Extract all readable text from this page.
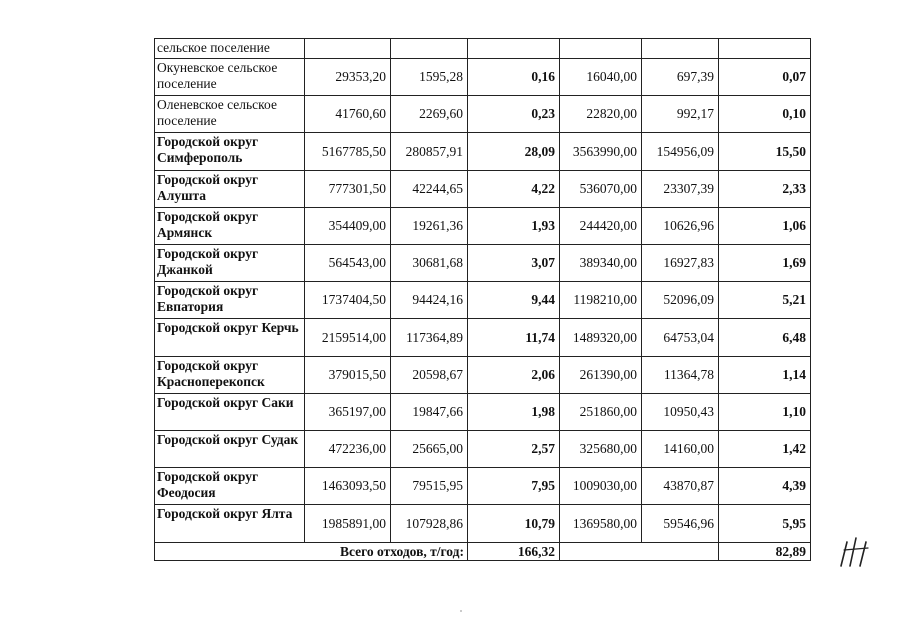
сельское поселение						
Окуневское сельское поселение	29353,20	1595,28	0,16	16040,00	697,39	0,07
Оленевское сельское поселение	41760,60	2269,60	0,23	22820,00	992,17	0,10
Городской округ Симферополь	5167785,50	280857,91	28,09	3563990,00	154956,09	15,50
Городской округ Алушта	777301,50	42244,65	4,22	536070,00	23307,39	2,33
Городской округ Армянск	354409,00	19261,36	1,93	244420,00	10626,96	1,06
Городской округ Джанкой	564543,00	30681,68	3,07	389340,00	16927,83	1,69
Городской округ Евпатория	1737404,50	94424,16	9,44	1198210,00	52096,09	5,21
Городской округ Керчь	2159514,00	117364,89	11,74	1489320,00	64753,04	6,48
Городской округ Красноперекопск	379015,50	20598,67	2,06	261390,00	11364,78	1,14
Городской округ Саки	365197,00	19847,66	1,98	251860,00	10950,43	1,10
Городской округ Судак	472236,00	25665,00	2,57	325680,00	14160,00	1,42
Городской округ Феодосия	1463093,50	79515,95	7,95	1009030,00	43870,87	4,39
Городской округ Ялта	1985891,00	107928,86	10,79	1369580,00	59546,96	5,95
Всего отходов, т/год:			166,32			82,89
